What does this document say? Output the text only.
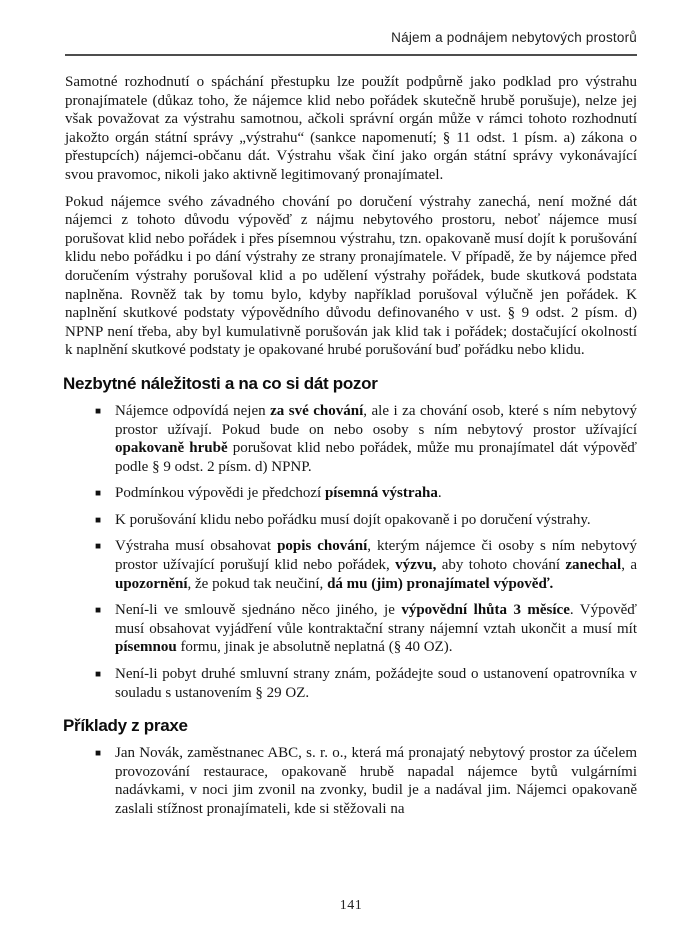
Nájem a podnájem nebytových prostorů

Samotné rozhodnutí o spáchání přestupku lze použít podpůrně jako podklad pro výstrahu pronajímatele (důkaz toho, že nájemce klid nebo pořádek skutečně hrubě porušuje), nelze jej však považovat za výstrahu samotnou, ačkoli správní orgán může v rámci tohoto rozhodnutí jakožto orgán státní správy „výstrahu“ (sankce napomenutí; § 11 odst. 1 písm. a) zákona o přestupcích) nájemci-občanu dát. Výstrahu však činí jako orgán státní správy vykonávající svou pravomoc, nikoli jako aktivně legitimovaný pronajímatel.

Pokud nájemce svého závadného chování po doručení výstrahy zanechá, není možné dát nájemci z tohoto důvodu výpověď z nájmu nebytového prostoru, neboť nájemce musí porušovat klid nebo pořádek i přes písemnou výstrahu, tzn. opakovaně musí dojít k porušování klidu nebo pořádku i po dání výstrahy ze strany pronajímatele. V případě, že by nájemce před doručením výstrahy porušoval klid a po udělení výstrahy pořádek, bude skutková podstata naplněna. Rovněž tak by tomu bylo, kdyby například porušoval výlučně jen pořádek. K naplnění skutkové podstaty výpovědního důvodu definovaného v ust. § 9 odst. 2 písm. d) NPNP není třeba, aby byl kumulativně porušován jak klid tak i pořádek; dostačující okolností k naplnění skutkové podstaty je opakované hrubé porušování buď pořádku nebo klidu.

Nezbytné náležitosti a na co si dát pozor
■ Nájemce odpovídá nejen za své chování, ale i za chování osob, které s ním nebytový prostor užívají. Pokud bude on nebo osoby s ním nebytový prostor užívající opakovaně hrubě porušovat klid nebo pořádek, může mu pronajímatel dát výpověď podle § 9 odst. 2 písm. d) NPNP.
■ Podmínkou výpovědi je předchozí písemná výstraha.
■ K porušování klidu nebo pořádku musí dojít opakovaně i po doručení výstrahy.
■ Výstraha musí obsahovat popis chování, kterým nájemce či osoby s ním nebytový prostor užívající porušují klid nebo pořádek, výzvu, aby tohoto chování zanechal, a upozornění, že pokud tak neučiní, dá mu (jim) pronajímatel výpověď.
■ Není-li ve smlouvě sjednáno něco jiného, je výpovědní lhůta 3 měsíce. Výpověď musí obsahovat vyjádření vůle kontraktační strany nájemní vztah ukončit a musí mít písemnou formu, jinak je absolutně neplatná (§ 40 OZ).
■ Není-li pobyt druhé smluvní strany znám, požádejte soud o ustanovení opatrovníka v souladu s ustanovením § 29 OZ.
Příklady z praxe
■ Jan Novák, zaměstnanec ABC, s. r. o., která má pronajatý nebytový prostor za účelem provozování restaurace, opakovaně hrubě napadal nájemce bytů vulgárními nadávkami, v noci jim zvonil na zvonky, budil je a nadával jim. Nájemci opakovaně zaslali stížnost pronajímateli, kde si stěžovali na
141
